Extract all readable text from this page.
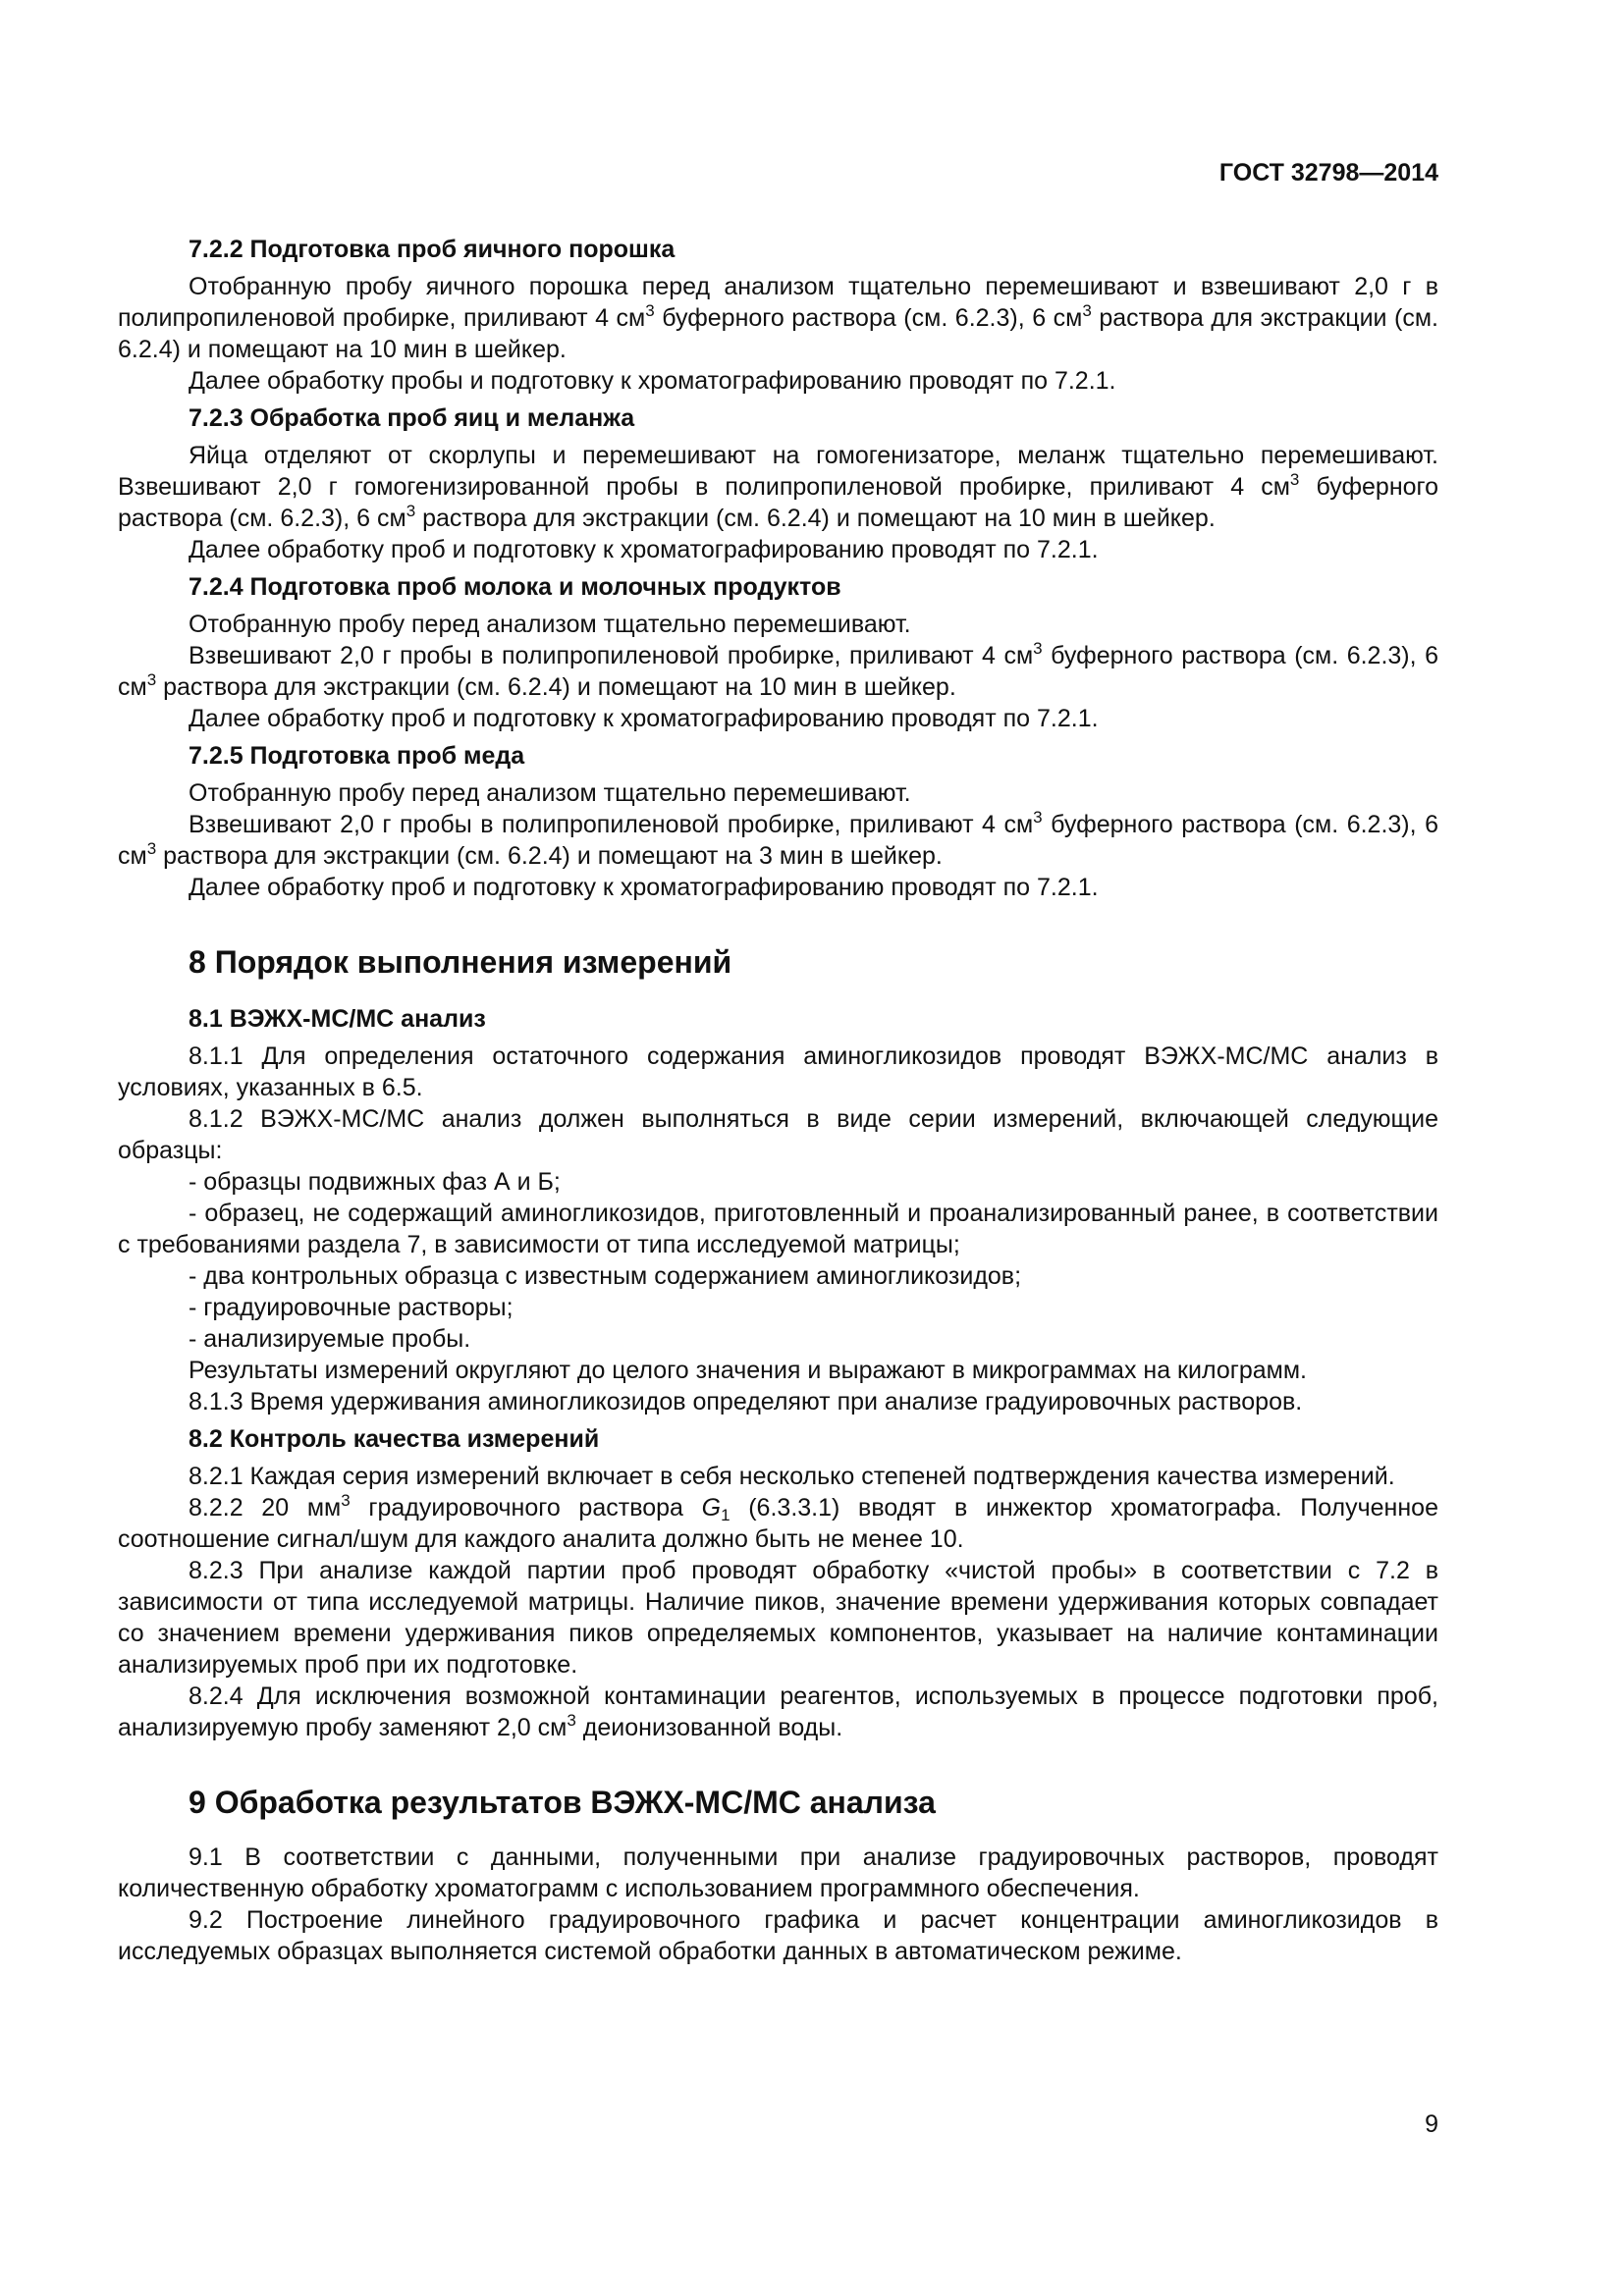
ГОСТ 32798—2014
7.2.2 Подготовка проб яичного порошка

Отобранную пробу яичного порошка перед анализом тщательно перемешивают и взвешивают 2,0 г в полипропиленовой пробирке, приливают 4 $см^3$ буферного раствора (см. 6.2.3), 6 $см^3$ раствора для экстракции (см. 6.2.4) и помещают на 10 мин в шейкер.

Далее обработку пробы и подготовку к хроматографированию проводят по 7.2.1.

7.2.3 Обработка проб яиц и меланжа

Яйца отделяют от скорлупы и перемешивают на гомогенизаторе, меланж тщательно перемешивают. Взвешивают 2,0 г гомогенизированной пробы в полипропиленовой пробирке, приливают 4 $см^3$ буферного раствора (см. 6.2.3), 6 $см^3$ раствора для экстракции (см. 6.2.4) и помещают на 10 мин в шейкер.

Далее обработку проб и подготовку к хроматографированию проводят по 7.2.1.

7.2.4 Подготовка проб молока и молочных продуктов

Отобранную пробу перед анализом тщательно перемешивают.

Взвешивают 2,0 г пробы в полипропиленовой пробирке, приливают 4 $см^3$ буферного раствора (см. 6.2.3), 6 $см^3$ раствора для экстракции (см. 6.2.4) и помещают на 10 мин в шейкер.

Далее обработку проб и подготовку к хроматографированию проводят по 7.2.1.

7.2.5 Подготовка проб меда

Отобранную пробу перед анализом тщательно перемешивают.

Взвешивают 2,0 г пробы в полипропиленовой пробирке, приливают 4 $см^3$ буферного раствора (см. 6.2.3), 6 $см^3$ раствора для экстракции (см. 6.2.4) и помещают на 3 мин в шейкер.

Далее обработку проб и подготовку к хроматографированию проводят по 7.2.1.

8 Порядок выполнения измерений
8.1 ВЭЖХ-МС/МС анализ

8.1.1 Для определения остаточного содержания аминогликозидов проводят ВЭЖХ-МС/МС анализ в условиях, указанных в 6.5.

8.1.2 ВЭЖХ-МС/МС анализ должен выполняться в виде серии измерений, включающей следующие образцы:

- образцы подвижных фаз А и Б;

- образец, не содержащий аминогликозидов, приготовленный и проанализированный ранее, в соответствии с требованиями раздела 7, в зависимости от типа исследуемой матрицы;

- два контрольных образца с известным содержанием аминогликозидов;

- градуировочные растворы;

- анализируемые пробы.

Результаты измерений округляют до целого значения и выражают в микрограммах на килограмм.

8.1.3 Время удерживания аминогликозидов определяют при анализе градуировочных растворов.

8.2 Контроль качества измерений

8.2.1 Каждая серия измерений включает в себя несколько степеней подтверждения качества измерений.

8.2.2 20 $мм^3$ градуировочного раствора $G_1$ (6.3.3.1) вводят в инжектор хроматографа. Полученное соотношение сигнал/шум для каждого аналита должно быть не менее 10.

8.2.3 При анализе каждой партии проб проводят обработку «чистой пробы» в соответствии с 7.2 в зависимости от типа исследуемой матрицы. Наличие пиков, значение времени удерживания которых совпадает со значением времени удерживания пиков определяемых компонентов, указывает на наличие контаминации анализируемых проб при их подготовке.

8.2.4 Для исключения возможной контаминации реагентов, используемых в процессе подготовки проб, анализируемую пробу заменяют 2,0 $см^3$ деионизованной воды.

9 Обработка результатов ВЭЖХ-МС/МС анализа

9.1 В соответствии с данными, полученными при анализе градуировочных растворов, проводят количественную обработку хроматограмм с использованием программного обеспечения.

9.2 Построение линейного градуировочного графика и расчет концентрации аминогликозидов в исследуемых образцах выполняется системой обработки данных в автоматическом режиме.

9
